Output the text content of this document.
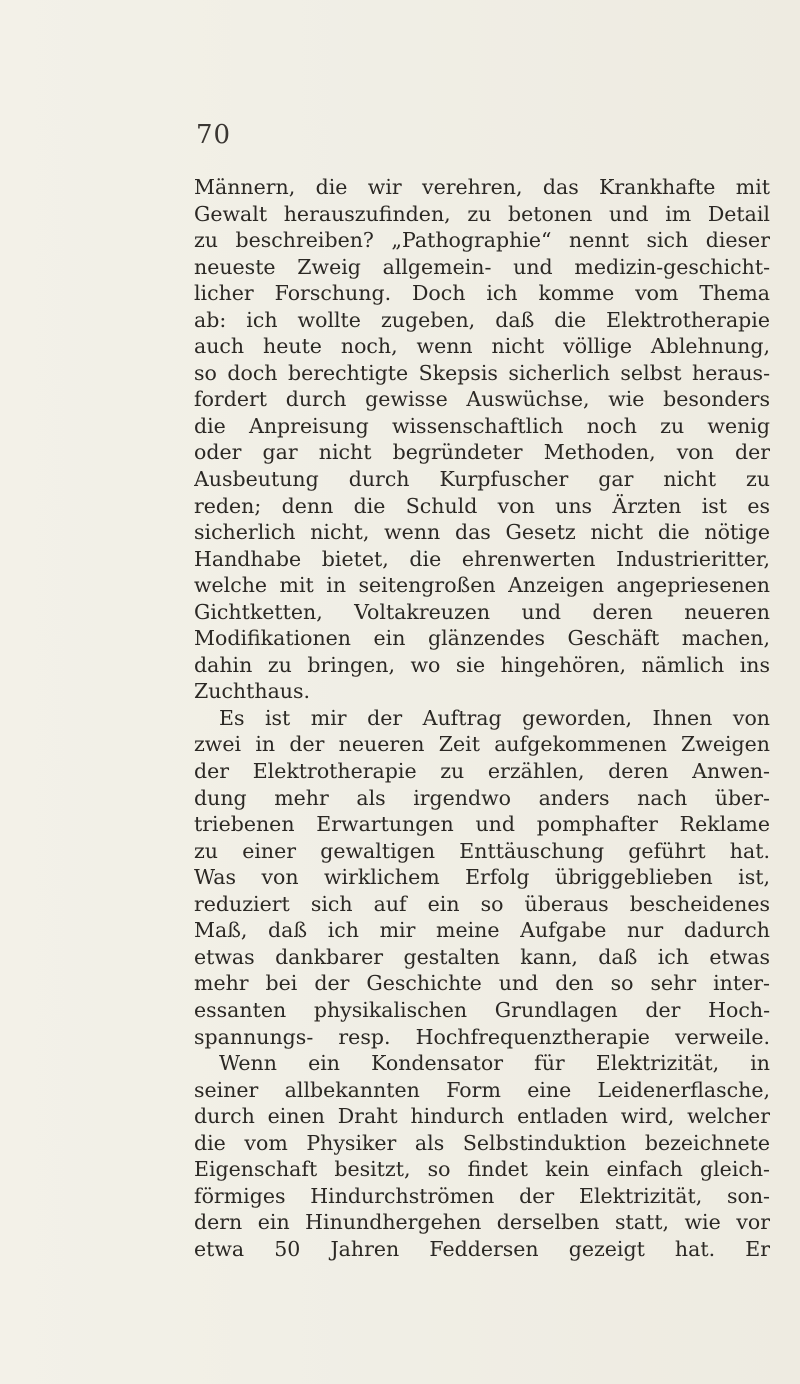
70
Männern, die wir verehren, das Krankhafte mit
Gewalt herauszufinden, zu betonen und im Detail
zu beschreiben? „Pathographie“ nennt sich dieser
neueste Zweig allgemein- und medizin-geschicht-
licher Forschung. Doch ich komme vom Thema
ab: ich wollte zugeben, daß die Elektrotherapie
auch heute noch, wenn nicht völlige Ablehnung,
so doch berechtigte Skepsis sicherlich selbst heraus-
fordert durch gewisse Auswüchse, wie besonders
die Anpreisung wissenschaftlich noch zu wenig
oder gar nicht begründeter Methoden, von der
Ausbeutung durch Kurpfuscher gar nicht zu
reden; denn die Schuld von uns Ärzten ist es
sicherlich nicht, wenn das Gesetz nicht die nötige
Handhabe bietet, die ehrenwerten Industrieritter,
welche mit in seitengroßen Anzeigen angepriesenen
Gichtketten, Voltakreuzen und deren neueren
Modifikationen ein glänzendes Geschäft machen,
dahin zu bringen, wo sie hingehören, nämlich ins
Zuchthaus.
Es ist mir der Auftrag geworden, Ihnen von
zwei in der neueren Zeit aufgekommenen Zweigen
der Elektrotherapie zu erzählen, deren Anwen-
dung mehr als irgendwo anders nach über-
triebenen Erwartungen und pomphafter Reklame
zu einer gewaltigen Enttäuschung geführt hat.
Was von wirklichem Erfolg übriggeblieben ist,
reduziert sich auf ein so überaus bescheidenes
Maß, daß ich mir meine Aufgabe nur dadurch
etwas dankbarer gestalten kann, daß ich etwas
mehr bei der Geschichte und den so sehr inter-
essanten physikalischen Grundlagen der Hoch-
spannungs- resp. Hochfrequenztherapie verweile.
Wenn ein Kondensator für Elektrizität, in
seiner allbekannten Form eine Leidenerflasche,
durch einen Draht hindurch entladen wird, welcher
die vom Physiker als Selbstinduktion bezeichnete
Eigenschaft besitzt, so findet kein einfach gleich-
förmiges Hindurchströmen der Elektrizität, son-
dern ein Hinundhergehen derselben statt, wie vor
etwa 50 Jahren Feddersen gezeigt hat. Er
